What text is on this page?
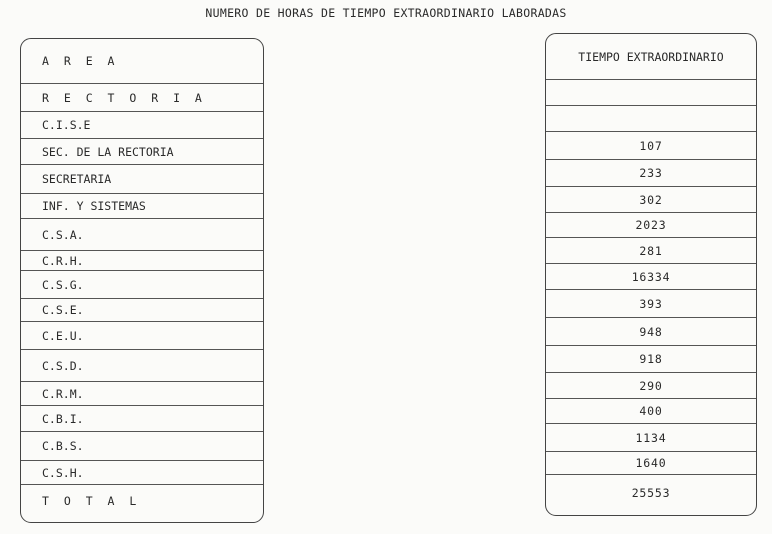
NUMERO DE HORAS DE TIEMPO EXTRAORDINARIO LABORADAS
A R E A
R E C T O R I A
C.I.S.E
SEC. DE LA RECTORIA
SECRETARIA
INF. Y SISTEMAS
C.S.A.
C.R.H.
C.S.G.
C.S.E.
C.E.U.
C.S.D.
C.R.M.
C.B.I.
C.B.S.
C.S.H.
T O T A L
TIEMPO EXTRAORDINARIO
107
233
302
2023
281
16334
393
948
918
290
400
1134
1640
25553
